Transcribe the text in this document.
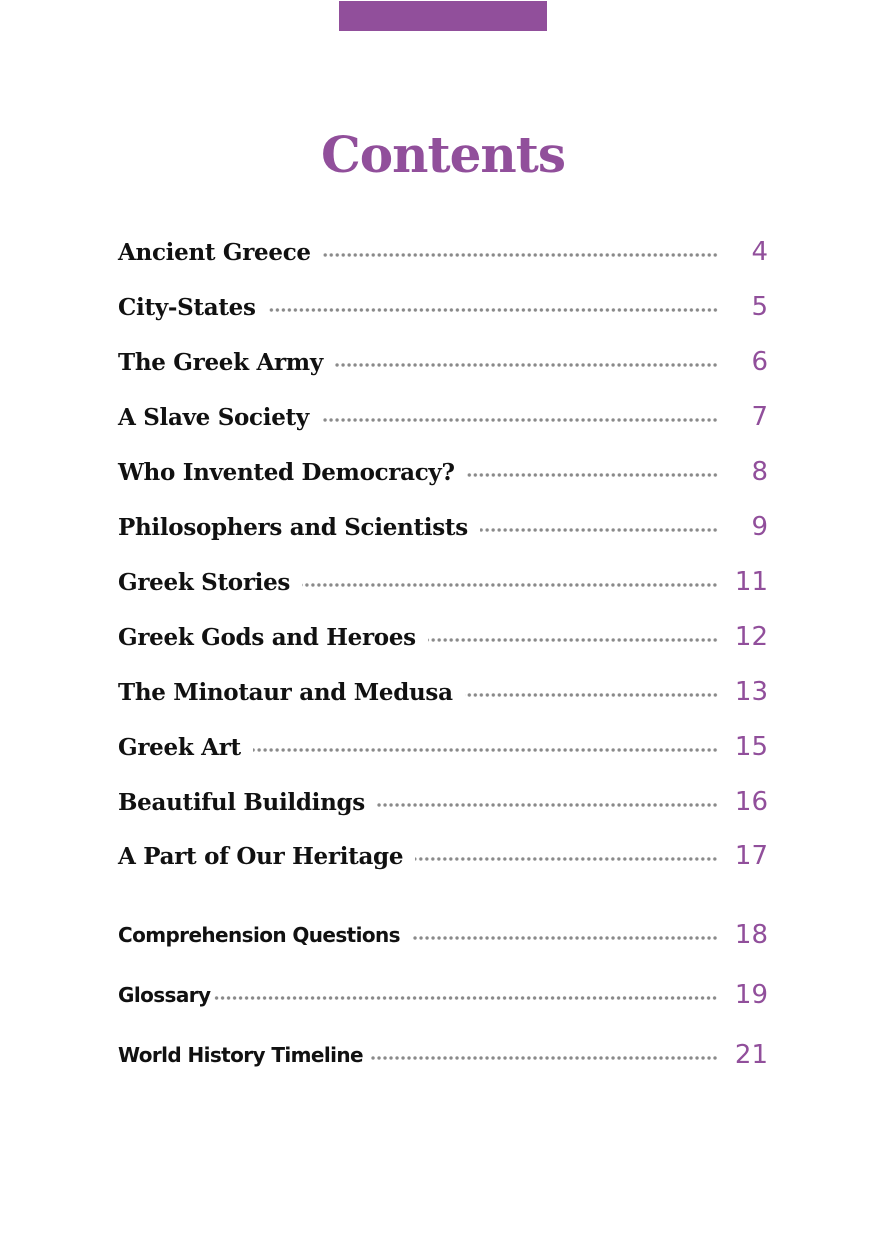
Contents
Ancient Greece	4
City-States	5
The Greek Army	6
A Slave Society	7
Who Invented Democracy?	8
Philosophers and Scientists	9
Greek Stories	11
Greek Gods and Heroes	12
The Minotaur and Medusa	13
Greek Art	15
Beautiful Buildings	16
A Part of Our Heritage	17
Comprehension Questions	18
Glossary	19
World History Timeline	21
